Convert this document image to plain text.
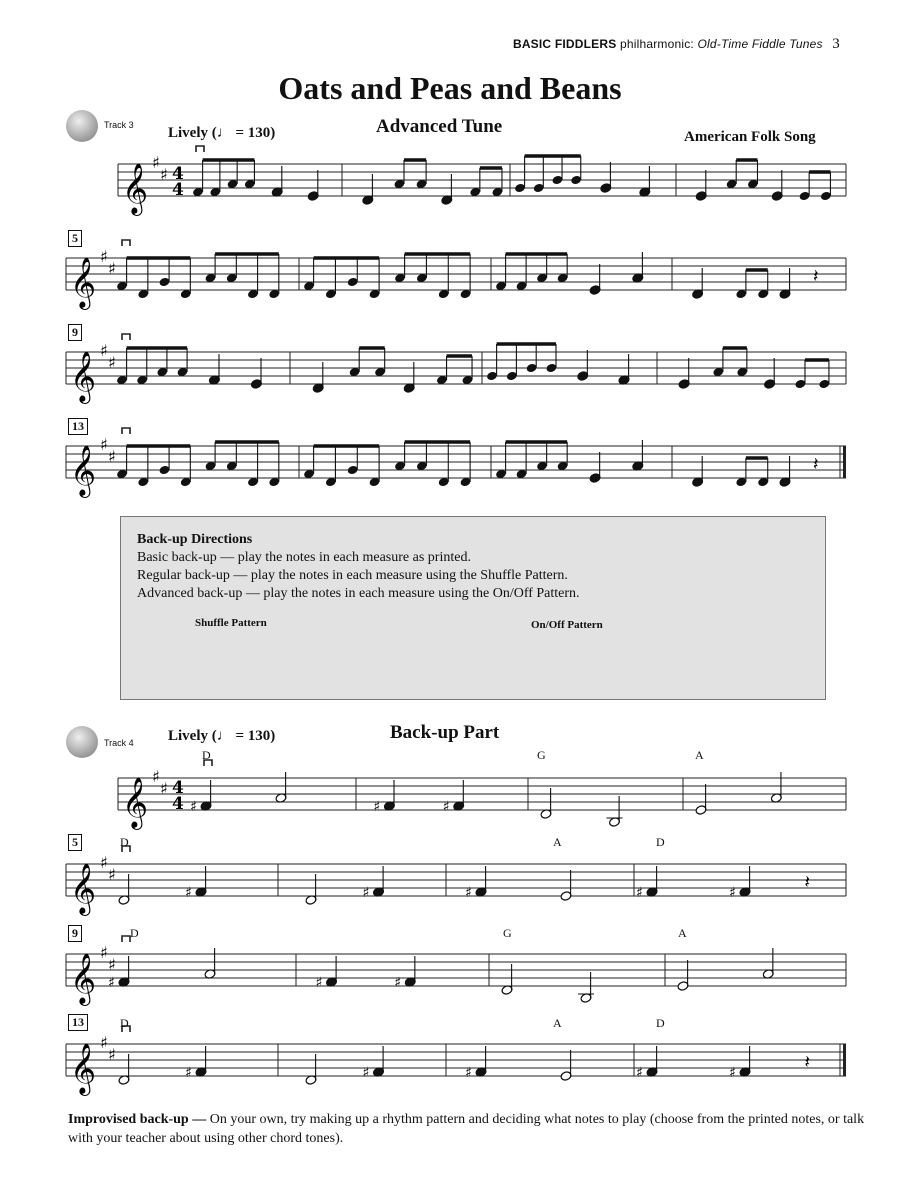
BASIC FIDDLERS philharmonic: Old-Time Fiddle Tunes 3
Oats and Peas and Beans
Track 3 Lively (♩ = 130)	Advanced Tune	American Folk Song
𝄞
♯
♯ 4
4
𝄞
♯
♯	𝄽
𝄞
♯
♯
𝄞
♯
♯	𝄽
𝄞
♯
♯ 4
4 ♯	♯	♯
𝄞
♯
♯
♯	♯	♯	♯	♯	𝄽
𝄞
♯
♯
♯	♯	♯
𝄞
♯
♯
♯	♯	♯	♯	♯	𝄽
5
9
13
Back-up Directions
Basic back-up — play the notes in each measure as printed.
Regular back-up — play the notes in each measure using the Shuffle Pattern.
Advanced back-up — play the notes in each measure using the On/Off Pattern.
Shuffle Pattern	On/Off Pattern
Track 4 Lively (♩ = 130)	Back-up Part
D	G	A
5	D	A	D
9	D	G	A
13	D	A	D
Improvised back-up — On your own, try making up a rhythm pattern and deciding what notes to play (choose from the printed notes, or talk with your teacher about using other chord tones).
